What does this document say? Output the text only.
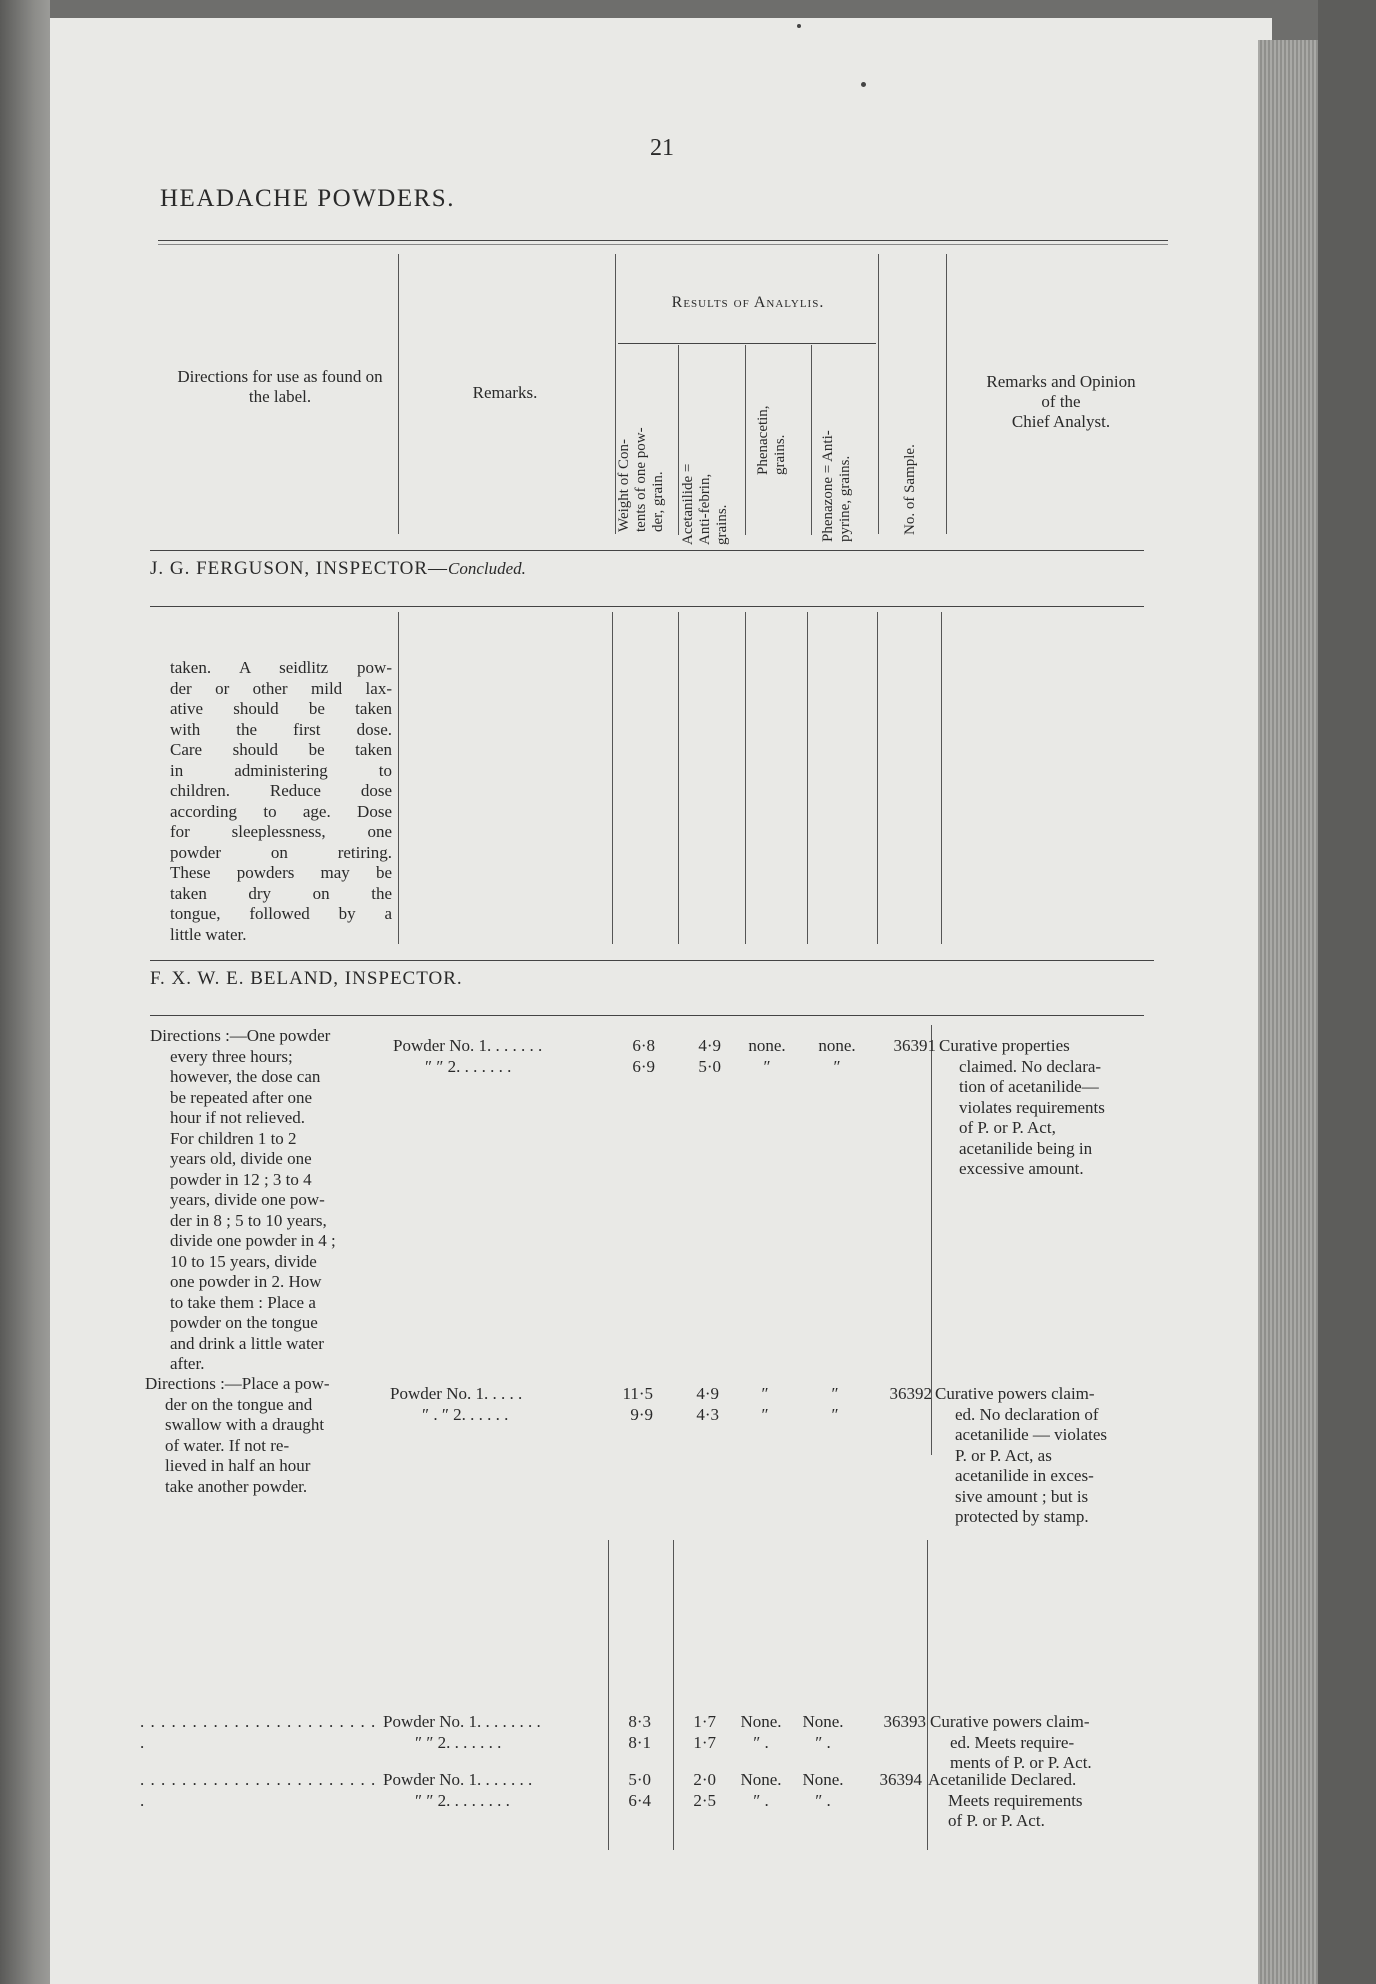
21
HEADACHE POWDERS.
Directions for use as found on the label.	Remarks.
Results of Analylis.
Remarks and Opinion
of the
Chief Analyst.
Weight of Con- tents of one pow- der, grain. Acetanilide = Anti-febrin, grains.
Phenacetin, grains. Phenazone = Anti- pyrine, grains.	No. of Sample.
J. G. FERGUSON, INSPECTOR—Concluded.
taken. A seidlitz pow-
der or other mild lax-
ative should be taken
with the first dose.
Care should be taken
in administering to
children. Reduce dose
according to age. Dose
for sleeplessness, one
powder on retiring.
These powders may be
taken dry on the
tongue, followed by a
little water.
F. X. W. E. BELAND, INSPECTOR.
Directions :—One powder
every three hours;
however, the dose can
be repeated after one
hour if not relieved.
For children 1 to 2
years old, divide one
powder in 12 ; 3 to 4
years, divide one pow-
der in 8 ; 5 to 10 years,
divide one powder in 4 ;
10 to 15 years, divide
one powder in 2. How
to take them : Place a
powder on the tongue
and drink a little water
after.
Powder No. 1. . . . . . .
″ ″ 2. . . . . . .
6·8
6·9
4·9
5·0
none.
″
none.
″
36391 Curative properties
claimed. No declara-
tion of acetanilide—
violates requirements
of P. or P. Act,
acetanilide being in
excessive amount.
Directions :—Place a pow-
der on the tongue and
swallow with a draught
of water. If not re-
lieved in half an hour
take another powder.
Powder No. 1. . . . .
″ . ″ 2. . . . . .
11·5
9·9
4·9
4·3
″
″
″
″
36392 Curative powers claim-
ed. No declaration of
acetanilide — violates
P. or P. Act, as
acetanilide in exces-
sive amount ; but is
protected by stamp.
. . . . . . . . . . . . . . . . . . . . . . . .
Powder No. 1. . . . . . . .
″ ″ 2. . . . . . .
8·3
8·1
1·7
1·7
None.
″ .
None.
″ .
36393 Curative powers claim-
ed. Meets require-
ments of P. or P. Act.
. . . . . . . . . . . . . . . . . . . . . . . .
Powder No. 1. . . . . . .
″ ″ 2. . . . . . . .
5·0
6·4
2·0
2·5
None.
″ .
None.
″ .
36394 Acetanilide Declared.
Meets requirements
of P. or P. Act.
